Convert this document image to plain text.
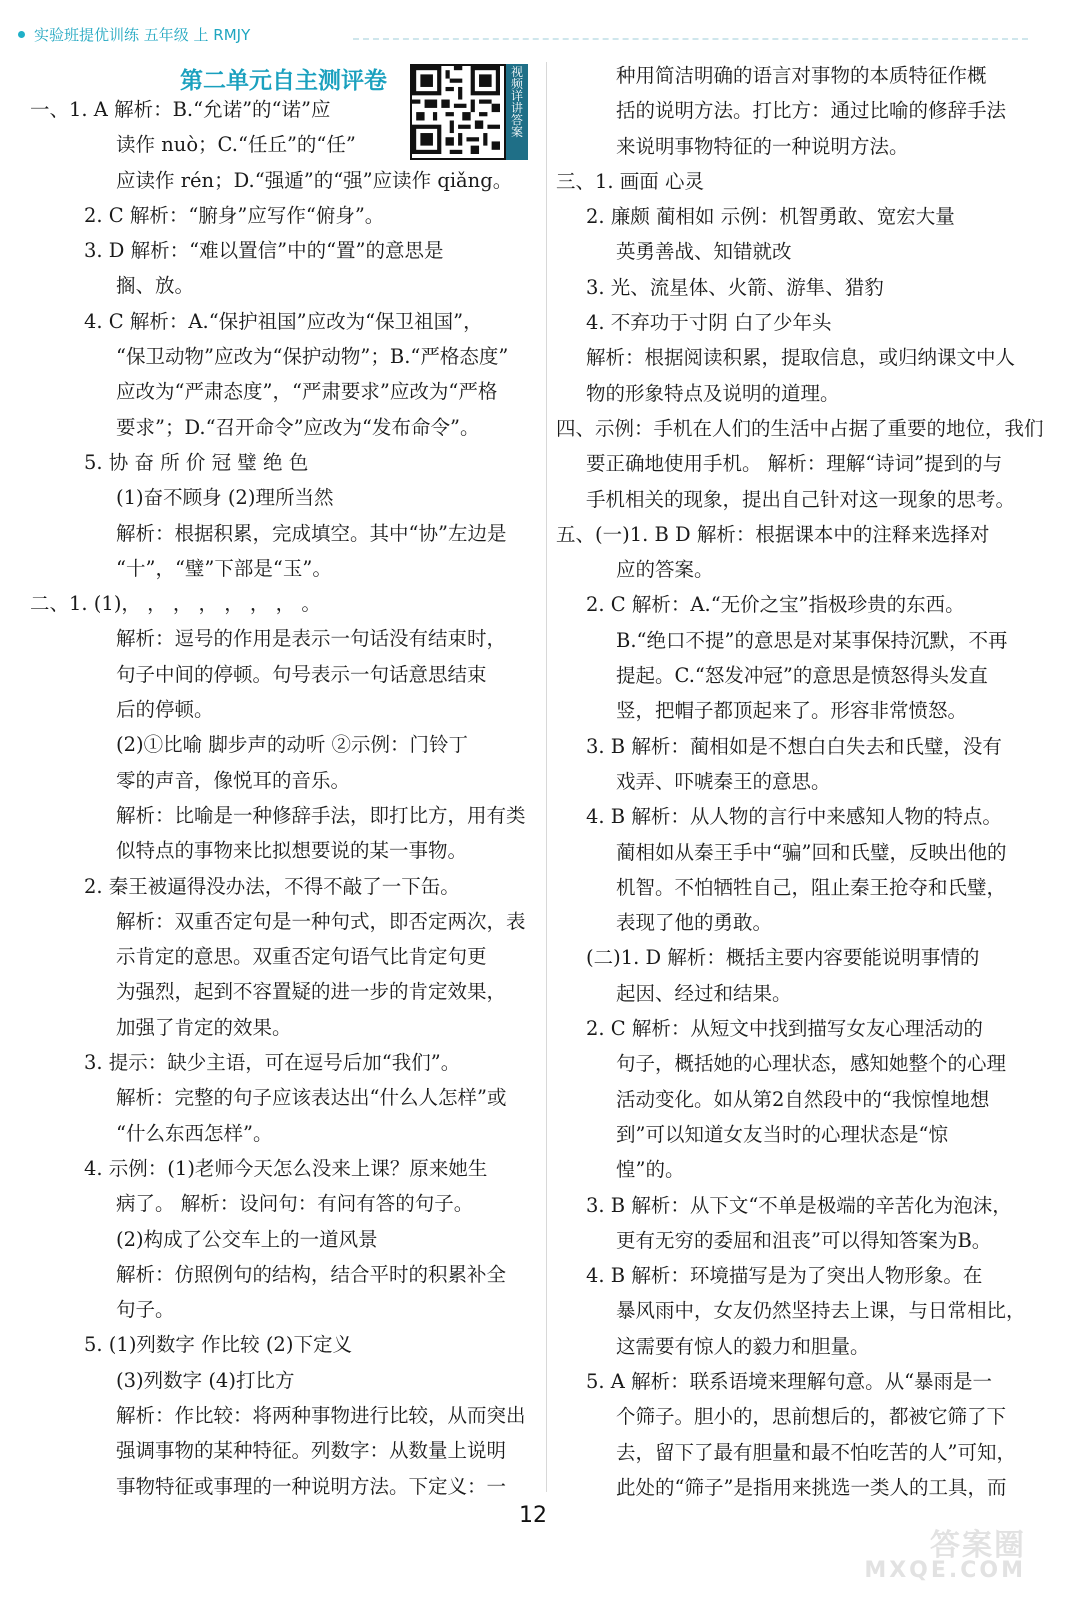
实验班提优训练 五年级 上 RMJY
第二单元自主测评卷	视频详讲答案
一、1. A 解析：B.“允诺”的“诺”应
读作 nuò；C.“任丘”的“任”
应读作 rén；D.“强遁”的“强”应读作 qiǎng。
2. C 解析：“腑身”应写作“俯身”。
3. D 解析：“难以置信”中的“置”的意思是
搁、放。
4. C 解析：A.“保护祖国”应改为“保卫祖国”，
“保卫动物”应改为“保护动物”；B.“严格态度”
应改为“严肃态度”，“严肃要求”应改为“严格
要求”；D.“召开命令”应改为“发布命令”。
5. 协 奋 所 价 冠 璧 绝 色
(1)奋不顾身 (2)理所当然
解析：根据积累，完成填空。其中“协”左边是
“十”，“璧”下部是“玉”。
二、1. (1)， ， ， ， ， ， ， 。
解析：逗号的作用是表示一句话没有结束时，
句子中间的停顿。句号表示一句话意思结束
后的停顿。
(2)①比喻 脚步声的动听 ②示例：门铃丁
零的声音，像悦耳的音乐。
解析：比喻是一种修辞手法，即打比方，用有类
似特点的事物来比拟想要说的某一事物。
2. 秦王被逼得没办法，不得不敲了一下缶。
解析：双重否定句是一种句式，即否定两次，表
示肯定的意思。双重否定句语气比肯定句更
为强烈，起到不容置疑的进一步的肯定效果，
加强了肯定的效果。
3. 提示：缺少主语，可在逗号后加“我们”。
解析：完整的句子应该表达出“什么人怎样”或
“什么东西怎样”。
4. 示例：(1)老师今天怎么没来上课？原来她生
病了。 解析：设问句：有问有答的句子。
(2)构成了公交车上的一道风景
解析：仿照例句的结构，结合平时的积累补全
句子。
5. (1)列数字 作比较 (2)下定义
(3)列数字 (4)打比方
解析：作比较：将两种事物进行比较，从而突出
强调事物的某种特征。列数字：从数量上说明
事物特征或事理的一种说明方法。下定义：一
种用简洁明确的语言对事物的本质特征作概
括的说明方法。打比方：通过比喻的修辞手法
来说明事物特征的一种说明方法。
三、1. 画面 心灵
2. 廉颇 蔺相如 示例：机智勇敢、宽宏大量
英勇善战、知错就改
3. 光、流星体、火箭、游隼、猎豹
4. 不弃功于寸阴 白了少年头
解析：根据阅读积累，提取信息，或归纳课文中人
物的形象特点及说明的道理。
四、示例：手机在人们的生活中占据了重要的地位，我们
要正确地使用手机。 解析：理解“诗词”提到的与
手机相关的现象，提出自己针对这一现象的思考。
五、(一)1. B D 解析：根据课本中的注释来选择对
应的答案。
2. C 解析：A.“无价之宝”指极珍贵的东西。
B.“绝口不提”的意思是对某事保持沉默，不再
提起。C.“怒发冲冠”的意思是愤怒得头发直
竖，把帽子都顶起来了。形容非常愤怒。
3. B 解析：蔺相如是不想白白失去和氏璧，没有
戏弄、吓唬秦王的意思。
4. B 解析：从人物的言行中来感知人物的特点。
蔺相如从秦王手中“骗”回和氏璧，反映出他的
机智。不怕牺牲自己，阻止秦王抢夺和氏璧，
表现了他的勇敢。
(二)1. D 解析：概括主要内容要能说明事情的
起因、经过和结果。
2. C 解析：从短文中找到描写女友心理活动的
句子，概括她的心理状态，感知她整个的心理
活动变化。如从第2自然段中的“我惊惶地想
到”可以知道女友当时的心理状态是“惊
惶”的。
3. B 解析：从下文“不单是极端的辛苦化为泡沫，
更有无穷的委屈和沮丧”可以得知答案为B。
4. B 解析：环境描写是为了突出人物形象。在
暴风雨中，女友仍然坚持去上课，与日常相比，
这需要有惊人的毅力和胆量。
5. A 解析：联系语境来理解句意。从“暴雨是一
个筛子。胆小的，思前想后的，都被它筛了下
去，留下了最有胆量和最不怕吃苦的人”可知，
此处的“筛子”是指用来挑选一类人的工具，而
12
答案圈
MXQE.COM
